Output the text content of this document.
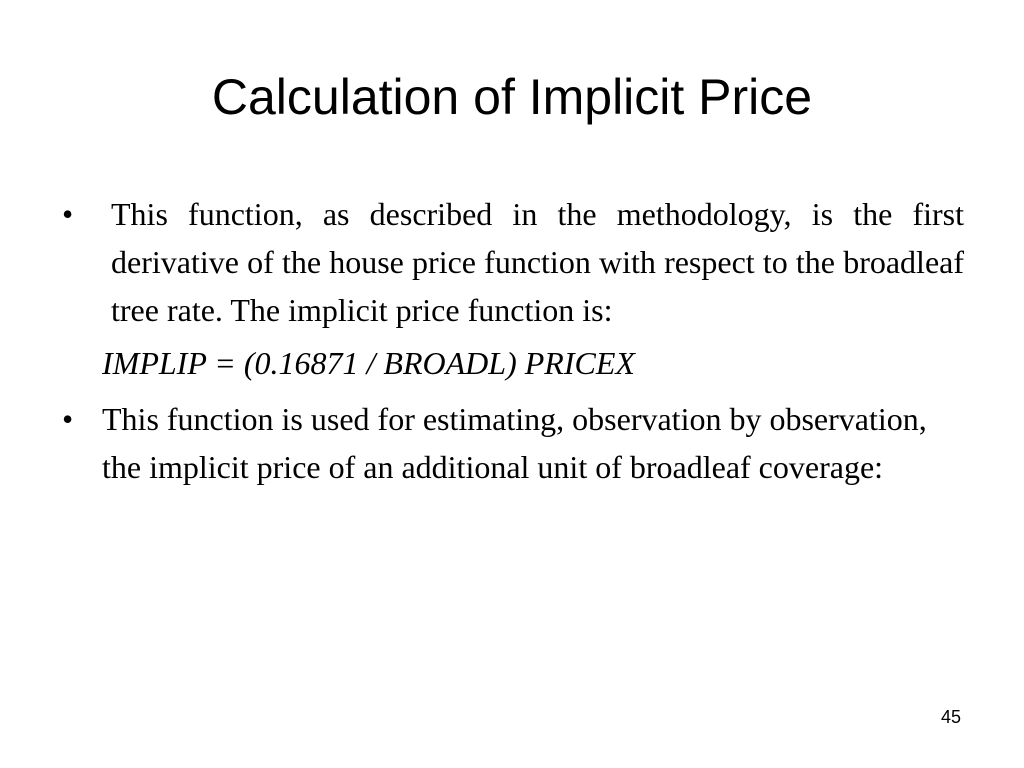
Calculation of Implicit Price
• This function, as described in the methodology, is the first derivative of the house price function with respect to the broadleaf tree rate. The implicit price function is:
IMPLIP = (0.16871 / BROADL) PRICEX
• This function is used for estimating, observation by observation, the implicit price of an additional unit of broadleaf coverage:
45
